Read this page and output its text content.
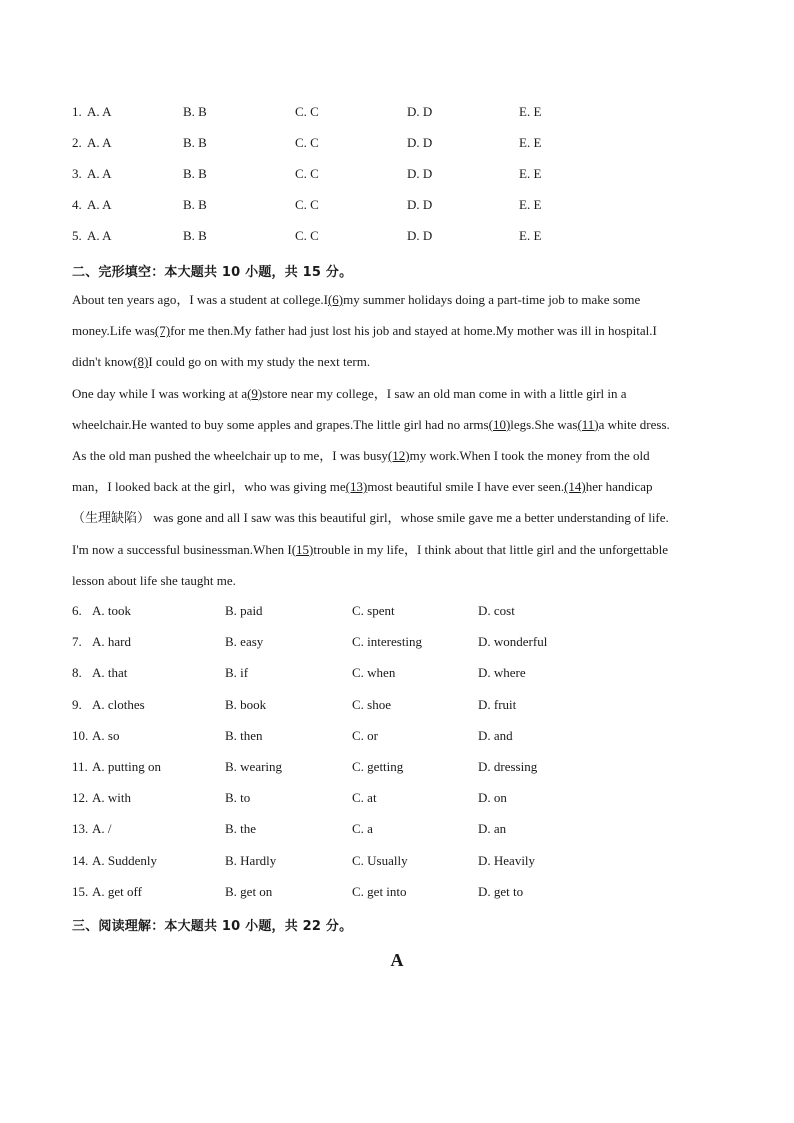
1. A. A	B. B	C. C	D. D	E. E
2. A. A	B. B	C. C	D. D	E. E
3. A. A	B. B	C. C	D. D	E. E
4. A. A	B. B	C. C	D. D	E. E
5. A. A	B. B	C. C	D. D	E. E
二、完形填空：本大题共 10 小题，共 15 分。
About ten years ago，I was a student at college.I(6)my summer holidays doing a part-time job to make some
money.Life was(7)for me then.My father had just lost his job and stayed at home.My mother was ill in hospital.I
didn't know(8)I could go on with my study the next term.
One day while I was working at a(9)store near my college，I saw an old man come in with a little girl in a
wheelchair.He wanted to buy some apples and grapes.The little girl had no arms(10)legs.She was(11)a white dress.
As the old man pushed the wheelchair up to me，I was busy(12)my work.When I took the money from the old
man，I looked back at the girl，who was giving me(13)most beautiful smile I have ever seen.(14)her handicap
（生理缺陷） was gone and all I saw was this beautiful girl，whose smile gave me a better understanding of life.
I'm now a successful businessman.When I(15)trouble in my life，I think about that little girl and the unforgettable
lesson about life she taught me.
6. A. took	B. paid	C. spent	D. cost
7. A. hard	B. easy	C. interesting	D. wonderful
8. A. that	B. if	C. when	D. where
9. A. clothes	B. book	C. shoe	D. fruit
10. A. so	B. then	C. or	D. and
11. A. putting on	B. wearing	C. getting	D. dressing
12. A. with	B. to	C. at	D. on
13. A. /	B. the	C. a	D. an
14. A. Suddenly	B. Hardly	C. Usually	D. Heavily
15. A. get off	B. get on	C. get into	D. get to
三、阅读理解：本大题共 10 小题，共 22 分。
A
